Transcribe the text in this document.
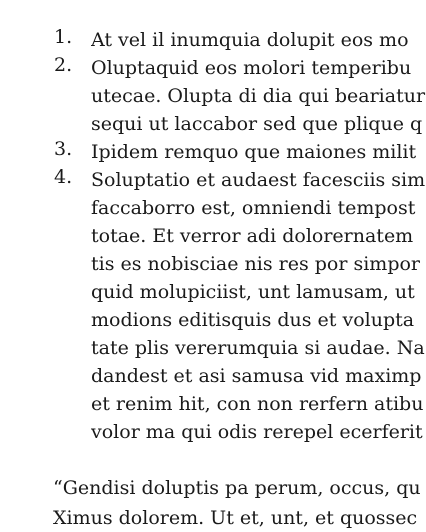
1. At vel il inumquia dolupit eos mo
2. Oluptaquid eos molori temperibu
utecae. Olupta di dia qui beariatur
sequi ut laccabor sed que plique q
3. Ipidem remquo que maiones milit
4. Soluptatio et audaest facesciis sim
faccaborro est, omniendi tempost
totae. Et verror adi dolorernatem
tis es nobisciae nis res por simpor
quid molupiciist, unt lamusam, ut
modions editisquis dus et volupta
tate plis vererumquia si audae. Na
dandest et asi samusa vid maximp
et renim hit, con non rerfern atibu
volor ma qui odis rerepel ecerferit
“Gendisi doluptis pa perum, occus, qu
Ximus dolorem. Ut et, unt, et quossec
